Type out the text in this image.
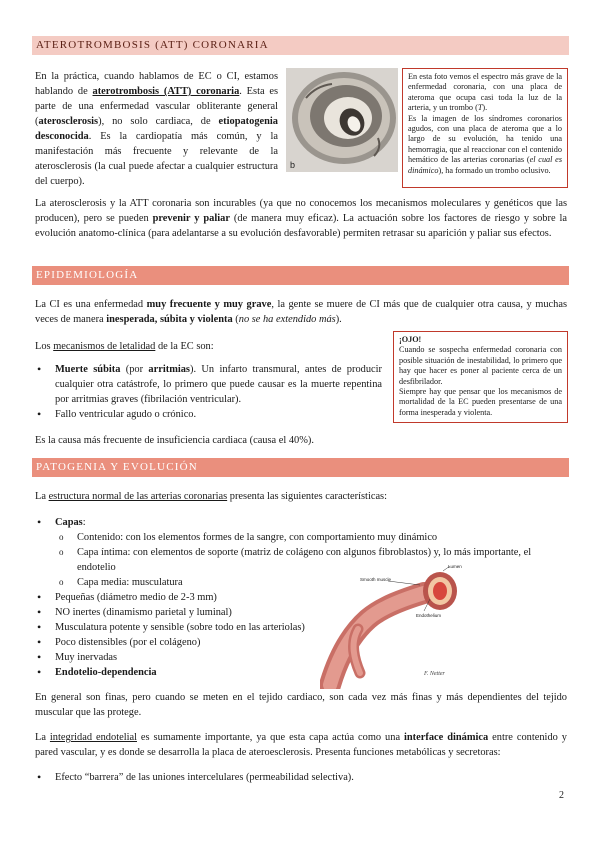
ATEROTROMBOSIS (ATT) CORONARIA
En la práctica, cuando hablamos de EC o CI, estamos hablando de aterotrombosis (ATT) coronaria. Esta es parte de una enfermedad vascular obliterante general (aterosclerosis), no solo cardiaca, de etiopatogenia desconocida. Es la cardiopatía más común, y la manifestación más frecuente y relevante de la aterosclerosis (la cual puede afectar a cualquier estructura del cuerpo).
b
En esta foto vemos el espectro más grave de la enfermedad coronaria, con una placa de ateroma que ocupa casi toda la luz de la arteria, y un trombo (T).
Es la imagen de los síndromes coronarios agudos, con una placa de ateroma que a lo largo de su evolución, ha tenido una hemorragia, que al reaccionar con el contenido hemático de las arterias coronarias (el cual es dinámico), ha formado un trombo oclusivo.
La aterosclerosis y la ATT coronaria son incurables (ya que no conocemos los mecanismos moleculares y genéticos que las producen), pero se pueden prevenir y paliar (de manera muy eficaz). La actuación sobre los factores de riesgo y sobre la evolución anatomo-clínica (para adelantarse a su evolución desfavorable) permiten retrasar su aparición y paliar sus efectos.
EPIDEMIOLOGÍA
La CI es una enfermedad muy frecuente y muy grave, la gente se muere de CI más que de cualquier otra causa, y muchas veces de manera inesperada, súbita y violenta (no se ha extendido más).
Los mecanismos de letalidad de la EC son:
• Muerte súbita (por arritmias). Un infarto transmural, antes de producir cualquier otra catástrofe, lo primero que puede causar es la muerte repentina por arritmias graves (fibrilación ventricular).
• Fallo ventricular agudo o crónico.
¡OJO!
Cuando se sospecha enfermedad coronaria con posible situación de inestabilidad, lo primero que hay que hacer es poner al paciente cerca de un desfibrilador.
Siempre hay que pensar que los mecanismos de mortalidad de la EC pueden presentarse de una forma inesperada y violenta.
Es la causa más frecuente de insuficiencia cardiaca (causa el 40%).
PATOGENIA Y EVOLUCIÓN
La estructura normal de las arterias coronarias presenta las siguientes características:
• Capas:
o Contenido: con los elementos formes de la sangre, con comportamiento muy dinámico
o Capa íntima: con elementos de soporte (matriz de colágeno con algunos fibroblastos) y, lo más importante, el endotelio
o Capa media: musculatura
• Pequeñas (diámetro medio de 2-3 mm)
• NO inertes (dinamismo parietal y luminal)
• Musculatura potente y sensible (sobre todo en las arteriolas)
• Poco distensibles (por el colágeno)
• Muy inervadas
• Endotelio-dependencia
Lumen
Smooth muscle
Endothelium
F. Netter
En general son finas, pero cuando se meten en el tejido cardiaco, son cada vez más finas y más dependientes del tejido muscular que las protege.
La integridad endotelial es sumamente importante, ya que esta capa actúa como una interface dinámica entre contenido y pared vascular, y es donde se desarrolla la placa de ateroesclerosis. Presenta funciones metabólicas y secretoras:
• Efecto “barrera” de las uniones intercelulares (permeabilidad selectiva).
2
